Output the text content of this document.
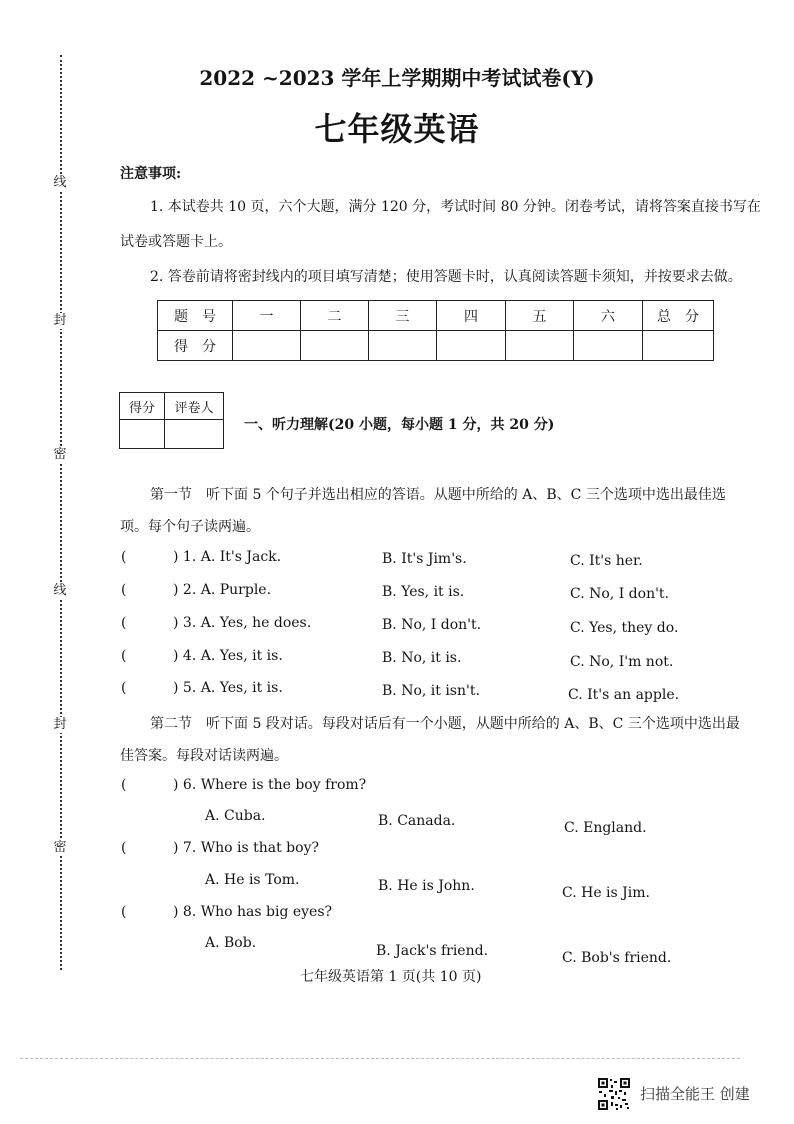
线
封
密
线
封
密
2022 ~2023 学年上学期期中考试试卷(Y)
七年级英语
注意事项:
1. 本试卷共 10 页，六个大题，满分 120 分，考试时间 80 分钟。闭卷考试，请将答案直接书写在
试卷或答题卡上。
2. 答卷前请将密封线内的项目填写清楚；使用答题卡时，认真阅读答题卡须知，并按要求去做。
题　号	一	二	三	四	五	六	总　分
得　分							
得分	评卷人

一、听力理解(20 小题，每小题 1 分，共 20 分)
第一节　听下面 5 个句子并选出相应的答语。从题中所给的 A、B、C 三个选项中选出最佳选
项。每个句子读两遍。
(	) 1. A. It's Jack.	B. It's Jim's.	C. It's her.
(	) 2. A. Purple.	B. Yes, it is.	C. No, I don't.
(	) 3. A. Yes, he does.	B. No, I don't.	C. Yes, they do.
(	) 4. A. Yes, it is.	B. No, it is.	C. No, I'm not.
(	) 5. A. Yes, it is.	B. No, it isn't.	C. It's an apple.
第二节　听下面 5 段对话。每段对话后有一个小题，从题中所给的 A、B、C 三个选项中选出最
佳答案。每段对话读两遍。
(	) 6. Where is the boy from?
A. Cuba.	B. Canada.	C. England.
(	) 7. Who is that boy?
A. He is Tom.	B. He is John.	C. He is Jim.
(	) 8. Who has big eyes?
A. Bob.	B. Jack's friend.	C. Bob's friend.
七年级英语第 1 页(共 10 页)
扫描全能王 创建
